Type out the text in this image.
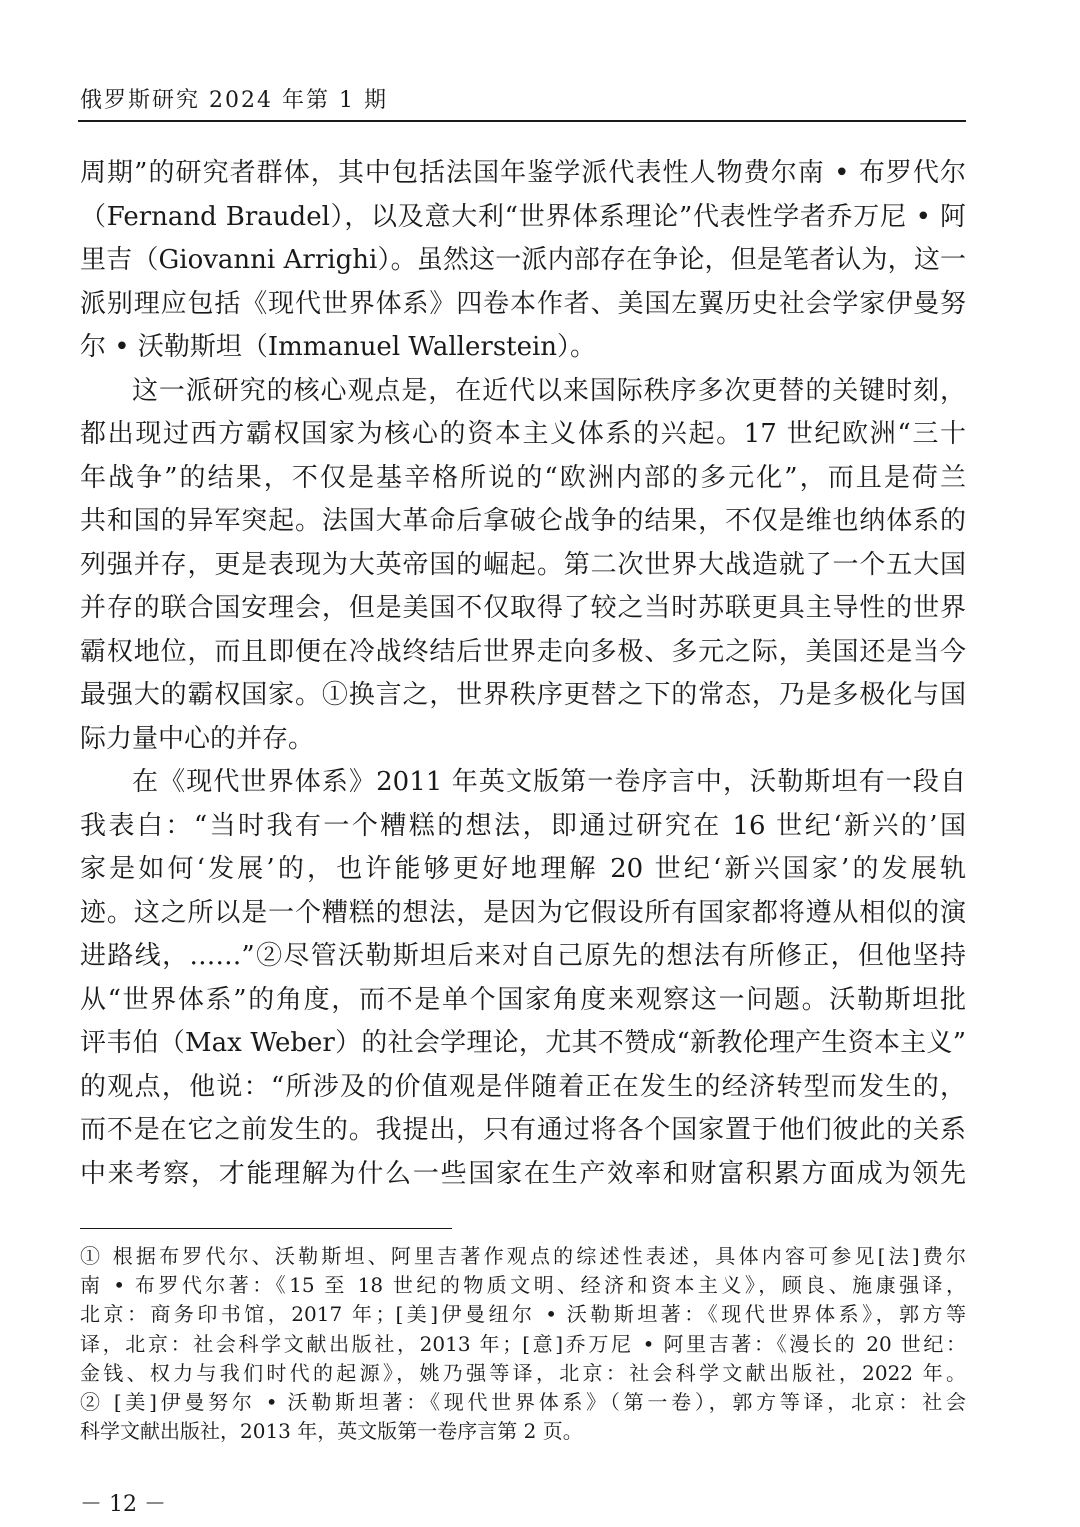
俄罗斯研究 2024 年第 1 期
周期”的研究者群体，其中包括法国年鉴学派代表性人物费尔南 • 布罗代尔
（Fernand Braudel），以及意大利“世界体系理论”代表性学者乔万尼 • 阿
里吉（Giovanni Arrighi）。虽然这一派内部存在争论，但是笔者认为，这一
派别理应包括《现代世界体系》四卷本作者、美国左翼历史社会学家伊曼努
尔 • 沃勒斯坦（Immanuel Wallerstein）。
这一派研究的核心观点是，在近代以来国际秩序多次更替的关键时刻，
都出现过西方霸权国家为核心的资本主义体系的兴起。17 世纪欧洲“三十
年战争”的结果，不仅是基辛格所说的“欧洲内部的多元化”，而且是荷兰
共和国的异军突起。法国大革命后拿破仑战争的结果，不仅是维也纳体系的
列强并存，更是表现为大英帝国的崛起。第二次世界大战造就了一个五大国
并存的联合国安理会，但是美国不仅取得了较之当时苏联更具主导性的世界
霸权地位，而且即便在冷战终结后世界走向多极、多元之际，美国还是当今
最强大的霸权国家。①换言之，世界秩序更替之下的常态，乃是多极化与国
际力量中心的并存。
在《现代世界体系》2011 年英文版第一卷序言中，沃勒斯坦有一段自
我表白：“当时我有一个糟糕的想法，即通过研究在 16 世纪‘新兴的’国
家是如何‘发展’的，也许能够更好地理解 20 世纪‘新兴国家’的发展轨
迹。这之所以是一个糟糕的想法，是因为它假设所有国家都将遵从相似的演
进路线，……”②尽管沃勒斯坦后来对自己原先的想法有所修正，但他坚持
从“世界体系”的角度，而不是单个国家角度来观察这一问题。沃勒斯坦批
评韦伯（Max Weber）的社会学理论，尤其不赞成“新教伦理产生资本主义”
的观点，他说：“所涉及的价值观是伴随着正在发生的经济转型而发生的，
而不是在它之前发生的。我提出，只有通过将各个国家置于他们彼此的关系
中来考察，才能理解为什么一些国家在生产效率和财富积累方面成为领先
① 根据布罗代尔、沃勒斯坦、阿里吉著作观点的综述性表述，具体内容可参见[法]费尔
南 • 布罗代尔著：《15 至 18 世纪的物质文明、经济和资本主义》，顾良、施康强译，
北京：商务印书馆，2017 年；[美]伊曼纽尔 • 沃勒斯坦著：《现代世界体系》，郭方等
译，北京：社会科学文献出版社，2013 年；[意]乔万尼 • 阿里吉著：《漫长的 20 世纪：
金钱、权力与我们时代的起源》，姚乃强等译，北京：社会科学文献出版社，2022 年。
② [美]伊曼努尔 • 沃勒斯坦著：《现代世界体系》（第一卷），郭方等译，北京：社会
科学文献出版社，2013 年，英文版第一卷序言第 2 页。
－ 12 －
